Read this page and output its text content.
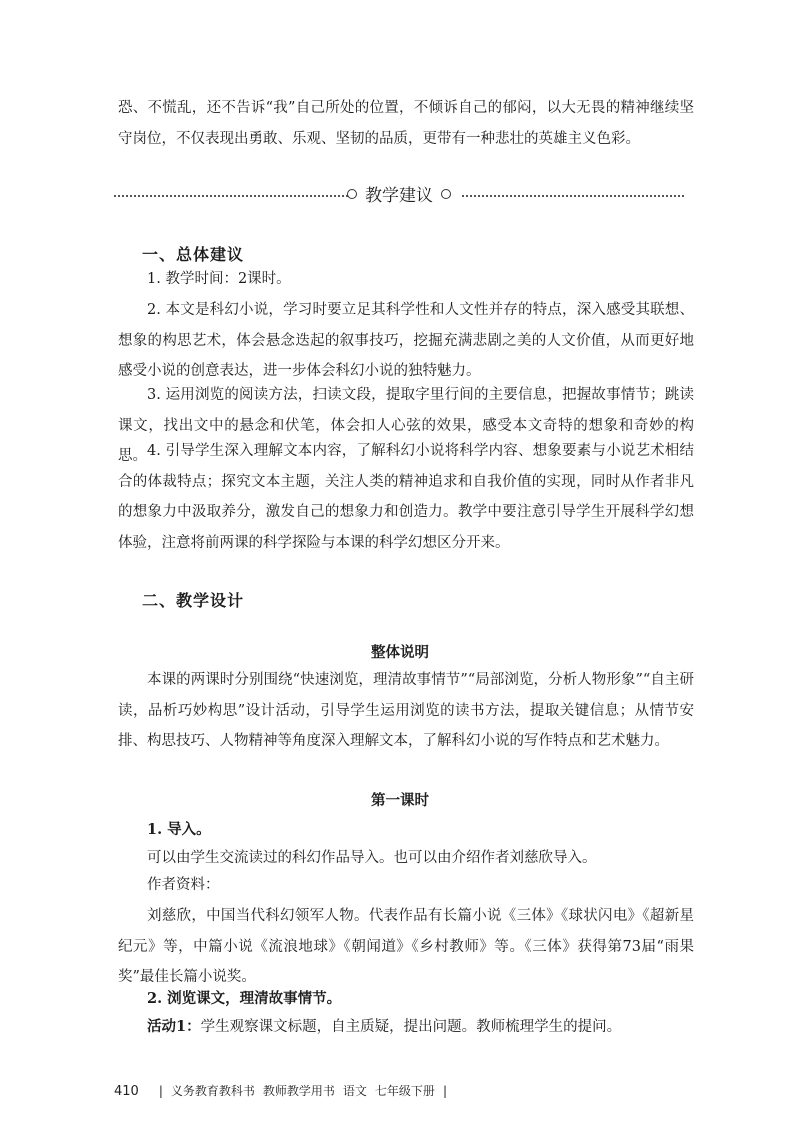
恐、不慌乱，还不告诉“我”自己所处的位置，不倾诉自己的郁闷，以大无畏的精神继续坚守岗位，不仅表现出勇敢、乐观、坚韧的品质，更带有一种悲壮的英雄主义色彩。

教学建议
一、总体建议

1. 教学时间：2课时。

2. 本文是科幻小说，学习时要立足其科学性和人文性并存的特点，深入感受其联想、想象的构思艺术，体会悬念迭起的叙事技巧，挖掘充满悲剧之美的人文价值，从而更好地感受小说的创意表达，进一步体会科幻小说的独特魅力。

3. 运用浏览的阅读方法，扫读文段，提取字里行间的主要信息，把握故事情节；跳读课文，找出文中的悬念和伏笔，体会扣人心弦的效果，感受本文奇特的想象和奇妙的构思。 4. 引导学生深入理解文本内容，了解科幻小说将科学内容、想象要素与小说艺术相结合的体裁特点；探究文本主题，关注人类的精神追求和自我价值的实现，同时从作者非凡的想象力中汲取养分，激发自己的想象力和创造力。教学中要注意引导学生开展科学幻想体验，注意将前两课的科学探险与本课的科学幻想区分开来。

二、教学设计
整体说明

本课的两课时分别围绕“快速浏览，理清故事情节”“局部浏览，分析人物形象”“自主研读，品析巧妙构思”设计活动，引导学生运用浏览的读书方法，提取关键信息；从情节安排、构思技巧、人物精神等角度深入理解文本，了解科幻小说的写作特点和艺术魅力。

第一课时

1. 导入。

可以由学生交流读过的科幻作品导入。也可以由介绍作者刘慈欣导入。

作者资料：

刘慈欣，中国当代科幻领军人物。代表作品有长篇小说《三体》《球状闪电》《超新星纪元》等，中篇小说《流浪地球》《朝闻道》《乡村教师》等。《三体》获得第73届“雨果奖”最佳长篇小说奖。

2. 浏览课文，理清故事情节。

活动1：学生观察课文标题，自主质疑，提出问题。教师梳理学生的提问。

410 | 义务教育教科书 教师教学用书 语文 七年级下册 |
